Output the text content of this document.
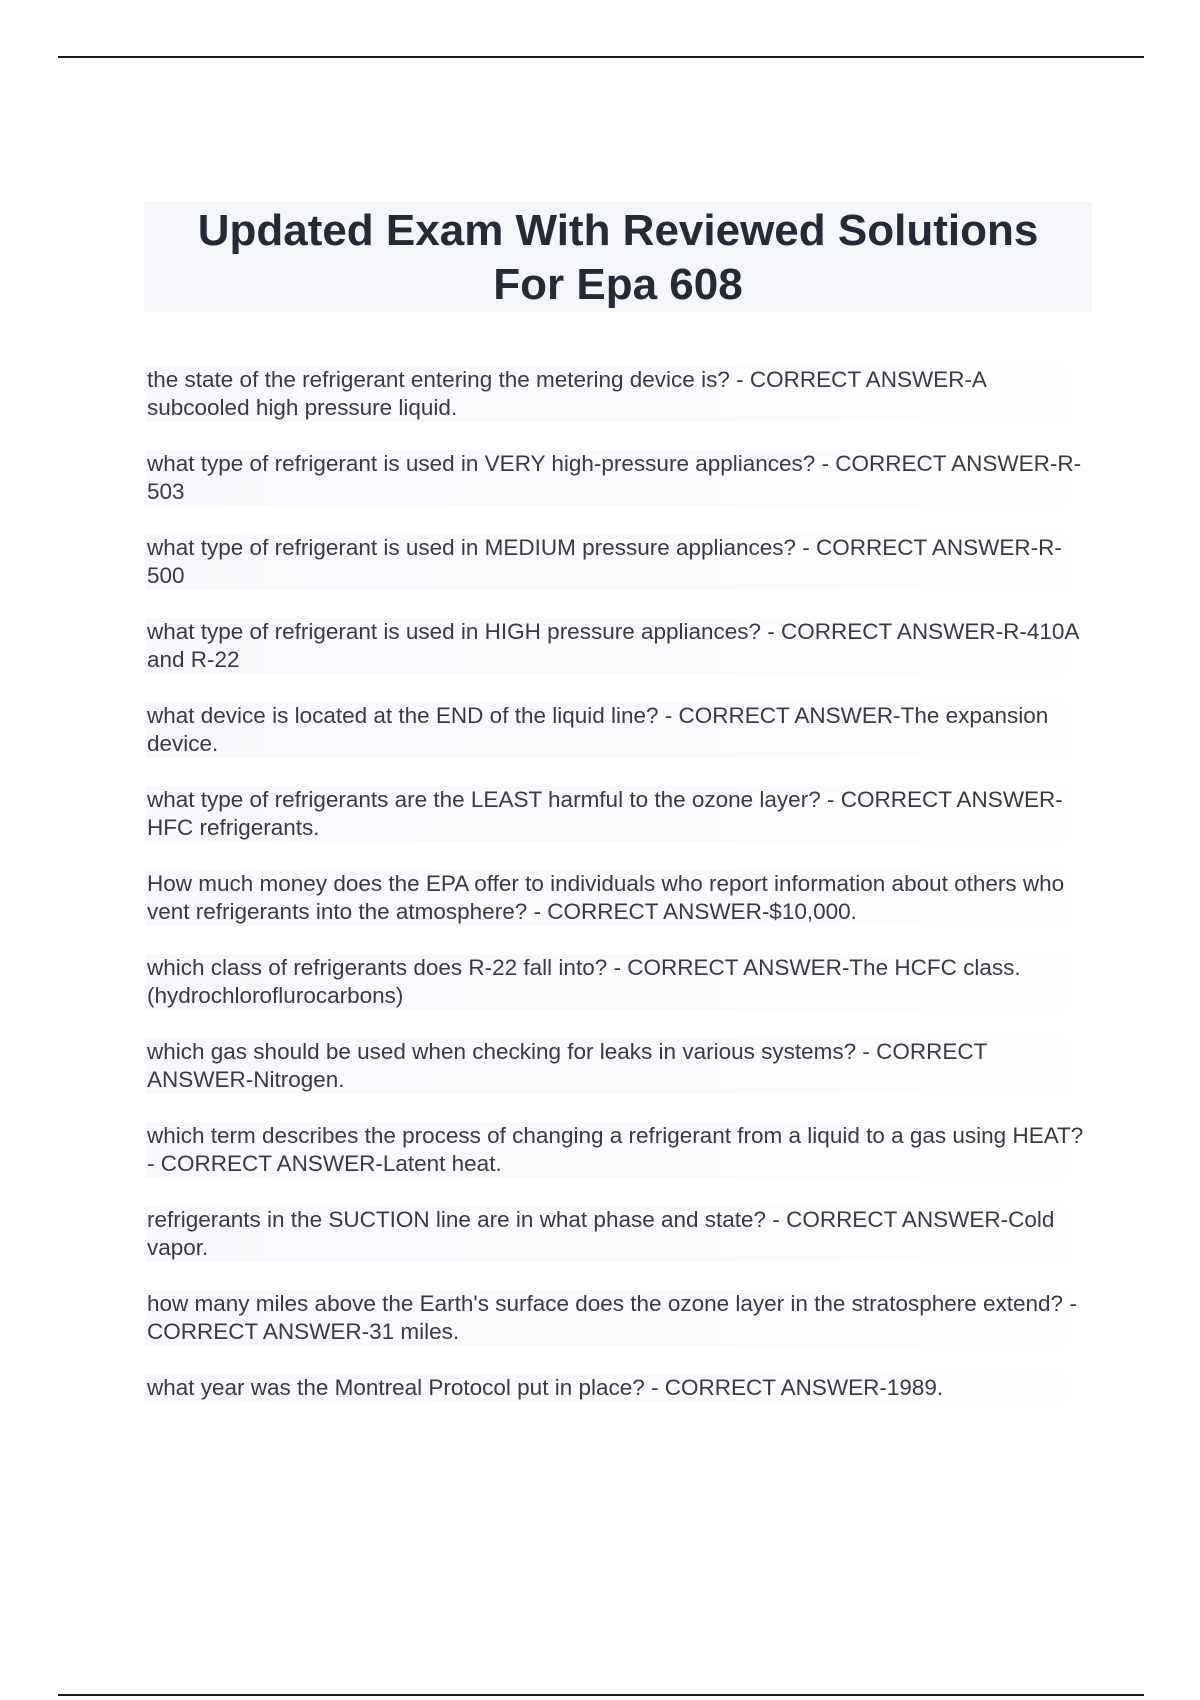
Updated Exam With Reviewed Solutions
For Epa 608

the state of the refrigerant entering the metering device is? - CORRECT ANSWER-A subcooled high pressure liquid.

what type of refrigerant is used in VERY high-pressure appliances? - CORRECT ANSWER-R-503

what type of refrigerant is used in MEDIUM pressure appliances? - CORRECT ANSWER-R-500

what type of refrigerant is used in HIGH pressure appliances? - CORRECT ANSWER-R-410A and R-22

what device is located at the END of the liquid line? - CORRECT ANSWER-The expansion device.

what type of refrigerants are the LEAST harmful to the ozone layer? - CORRECT ANSWER-HFC refrigerants.

How much money does the EPA offer to individuals who report information about others who vent refrigerants into the atmosphere? - CORRECT ANSWER-$10,000.

which class of refrigerants does R-22 fall into? - CORRECT ANSWER-The HCFC class. (hydrochloroflurocarbons)

which gas should be used when checking for leaks in various systems? - CORRECT ANSWER-Nitrogen.

which term describes the process of changing a refrigerant from a liquid to a gas using HEAT? - CORRECT ANSWER-Latent heat.

refrigerants in the SUCTION line are in what phase and state? - CORRECT ANSWER-Cold vapor.

how many miles above the Earth's surface does the ozone layer in the stratosphere extend? - CORRECT ANSWER-31 miles.

what year was the Montreal Protocol put in place? - CORRECT ANSWER-1989.
